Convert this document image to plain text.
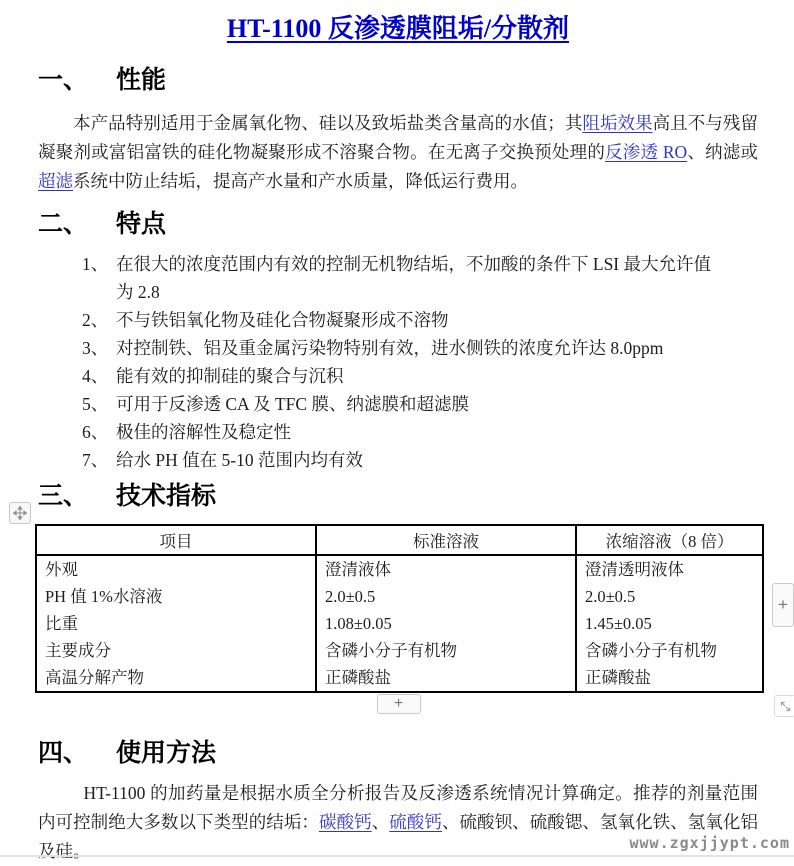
HT-1100 反渗透膜阻垢/分散剂
一、 性能

本产品特别适用于金属氧化物、硅以及致垢盐类含量高的水值；其阻垢效果高且不与残留凝聚剂或富铝富铁的硅化物凝聚形成不溶聚合物。在无离子交换预处理的反渗透 RO、纳滤或超滤系统中防止结垢，提高产水量和产水质量，降低运行费用。

二、 特点
1、 在很大的浓度范围内有效的控制无机物结垢，不加酸的条件下 LSI 最大允许值为 2.8
2、 不与铁铝氧化物及硅化合物凝聚形成不溶物
3、 对控制铁、铝及重金属污染物特别有效，进水侧铁的浓度允许达 8.0ppm
4、 能有效的抑制硅的聚合与沉积
5、 可用于反渗透 CA 及 TFC 膜、纳滤膜和超滤膜
6、 极佳的溶解性及稳定性
7、 给水 PH 值在 5-10 范围内均有效
三、 技术指标
项目	标准溶液	浓缩溶液（8 倍）
外观	澄清液体	澄清透明液体
PH 值 1%水溶液	2.0±0.5	2.0±0.5
比重	1.08±0.05	1.45±0.05
主要成分	含磷小分子有机物	含磷小分子有机物
高温分解产物	正磷酸盐	正磷酸盐
+
+
四、 使用方法

HT-1100 的加药量是根据水质全分析报告及反渗透系统情况计算确定。推荐的剂量范围内可控制绝大多数以下类型的结垢：碳酸钙、硫酸钙、硫酸钡、硫酸锶、氢氧化铁、氢氧化铝及硅。	www.zgxjjypt.com
